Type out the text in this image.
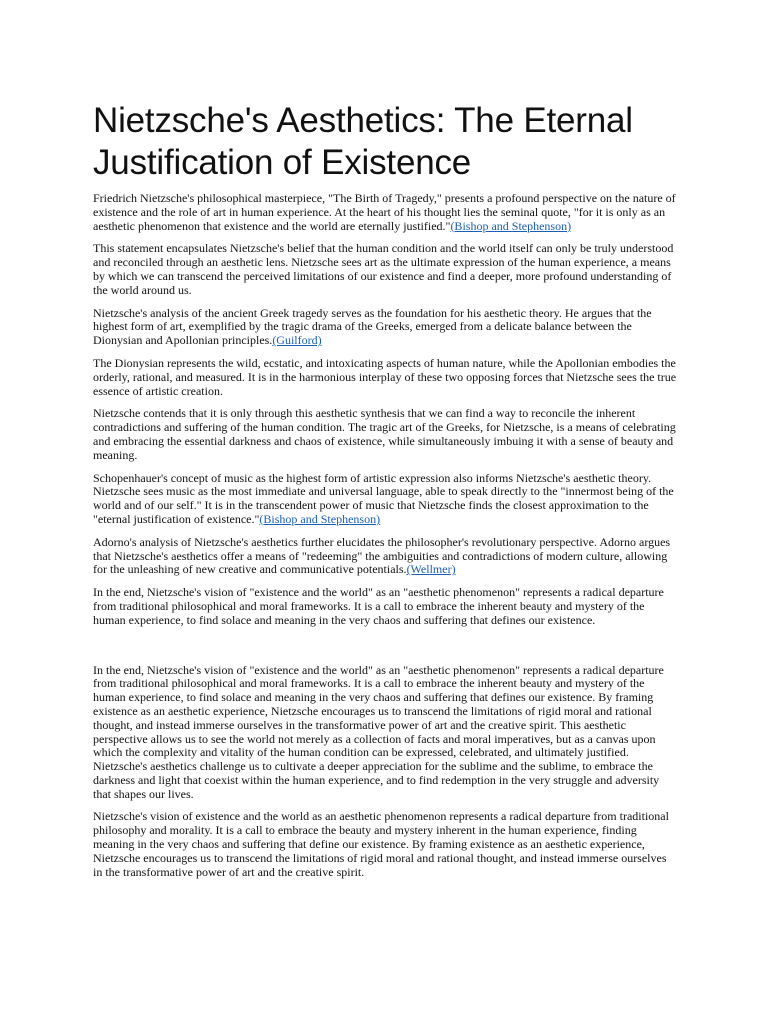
Nietzsche's Aesthetics: The Eternal Justification of Existence

Friedrich Nietzsche's philosophical masterpiece, "The Birth of Tragedy," presents a profound perspective on the nature of existence and the role of art in human experience. At the heart of his thought lies the seminal quote, "for it is only as an aesthetic phenomenon that existence and the world are eternally justified."(Bishop and Stephenson)

This statement encapsulates Nietzsche's belief that the human condition and the world itself can only be truly understood and reconciled through an aesthetic lens. Nietzsche sees art as the ultimate expression of the human experience, a means by which we can transcend the perceived limitations of our existence and find a deeper, more profound understanding of the world around us.

Nietzsche's analysis of the ancient Greek tragedy serves as the foundation for his aesthetic theory. He argues that the highest form of art, exemplified by the tragic drama of the Greeks, emerged from a delicate balance between the Dionysian and Apollonian principles.(Guilford)

The Dionysian represents the wild, ecstatic, and intoxicating aspects of human nature, while the Apollonian embodies the orderly, rational, and measured. It is in the harmonious interplay of these two opposing forces that Nietzsche sees the true essence of artistic creation.

Nietzsche contends that it is only through this aesthetic synthesis that we can find a way to reconcile the inherent contradictions and suffering of the human condition. The tragic art of the Greeks, for Nietzsche, is a means of celebrating and embracing the essential darkness and chaos of existence, while simultaneously imbuing it with a sense of beauty and meaning.

Schopenhauer's concept of music as the highest form of artistic expression also informs Nietzsche's aesthetic theory. Nietzsche sees music as the most immediate and universal language, able to speak directly to the "innermost being of the world and of our self." It is in the transcendent power of music that Nietzsche finds the closest approximation to the "eternal justification of existence."(Bishop and Stephenson)

Adorno's analysis of Nietzsche's aesthetics further elucidates the philosopher's revolutionary perspective. Adorno argues that Nietzsche's aesthetics offer a means of "redeeming" the ambiguities and contradictions of modern culture, allowing for the unleashing of new creative and communicative potentials.(Wellmer)

In the end, Nietzsche's vision of "existence and the world" as an "aesthetic phenomenon" represents a radical departure from traditional philosophical and moral frameworks. It is a call to embrace the inherent beauty and mystery of the human experience, to find solace and meaning in the very chaos and suffering that defines our existence.

In the end, Nietzsche's vision of "existence and the world" as an "aesthetic phenomenon" represents a radical departure from traditional philosophical and moral frameworks. It is a call to embrace the inherent beauty and mystery of the human experience, to find solace and meaning in the very chaos and suffering that defines our existence. By framing existence as an aesthetic experience, Nietzsche encourages us to transcend the limitations of rigid moral and rational thought, and instead immerse ourselves in the transformative power of art and the creative spirit. This aesthetic perspective allows us to see the world not merely as a collection of facts and moral imperatives, but as a canvas upon which the complexity and vitality of the human condition can be expressed, celebrated, and ultimately justified. Nietzsche's aesthetics challenge us to cultivate a deeper appreciation for the sublime and the sublime, to embrace the darkness and light that coexist within the human experience, and to find redemption in the very struggle and adversity that shapes our lives.

Nietzsche's vision of existence and the world as an aesthetic phenomenon represents a radical departure from traditional philosophy and morality. It is a call to embrace the beauty and mystery inherent in the human experience, finding meaning in the very chaos and suffering that define our existence. By framing existence as an aesthetic experience, Nietzsche encourages us to transcend the limitations of rigid moral and rational thought, and instead immerse ourselves in the transformative power of art and the creative spirit.
